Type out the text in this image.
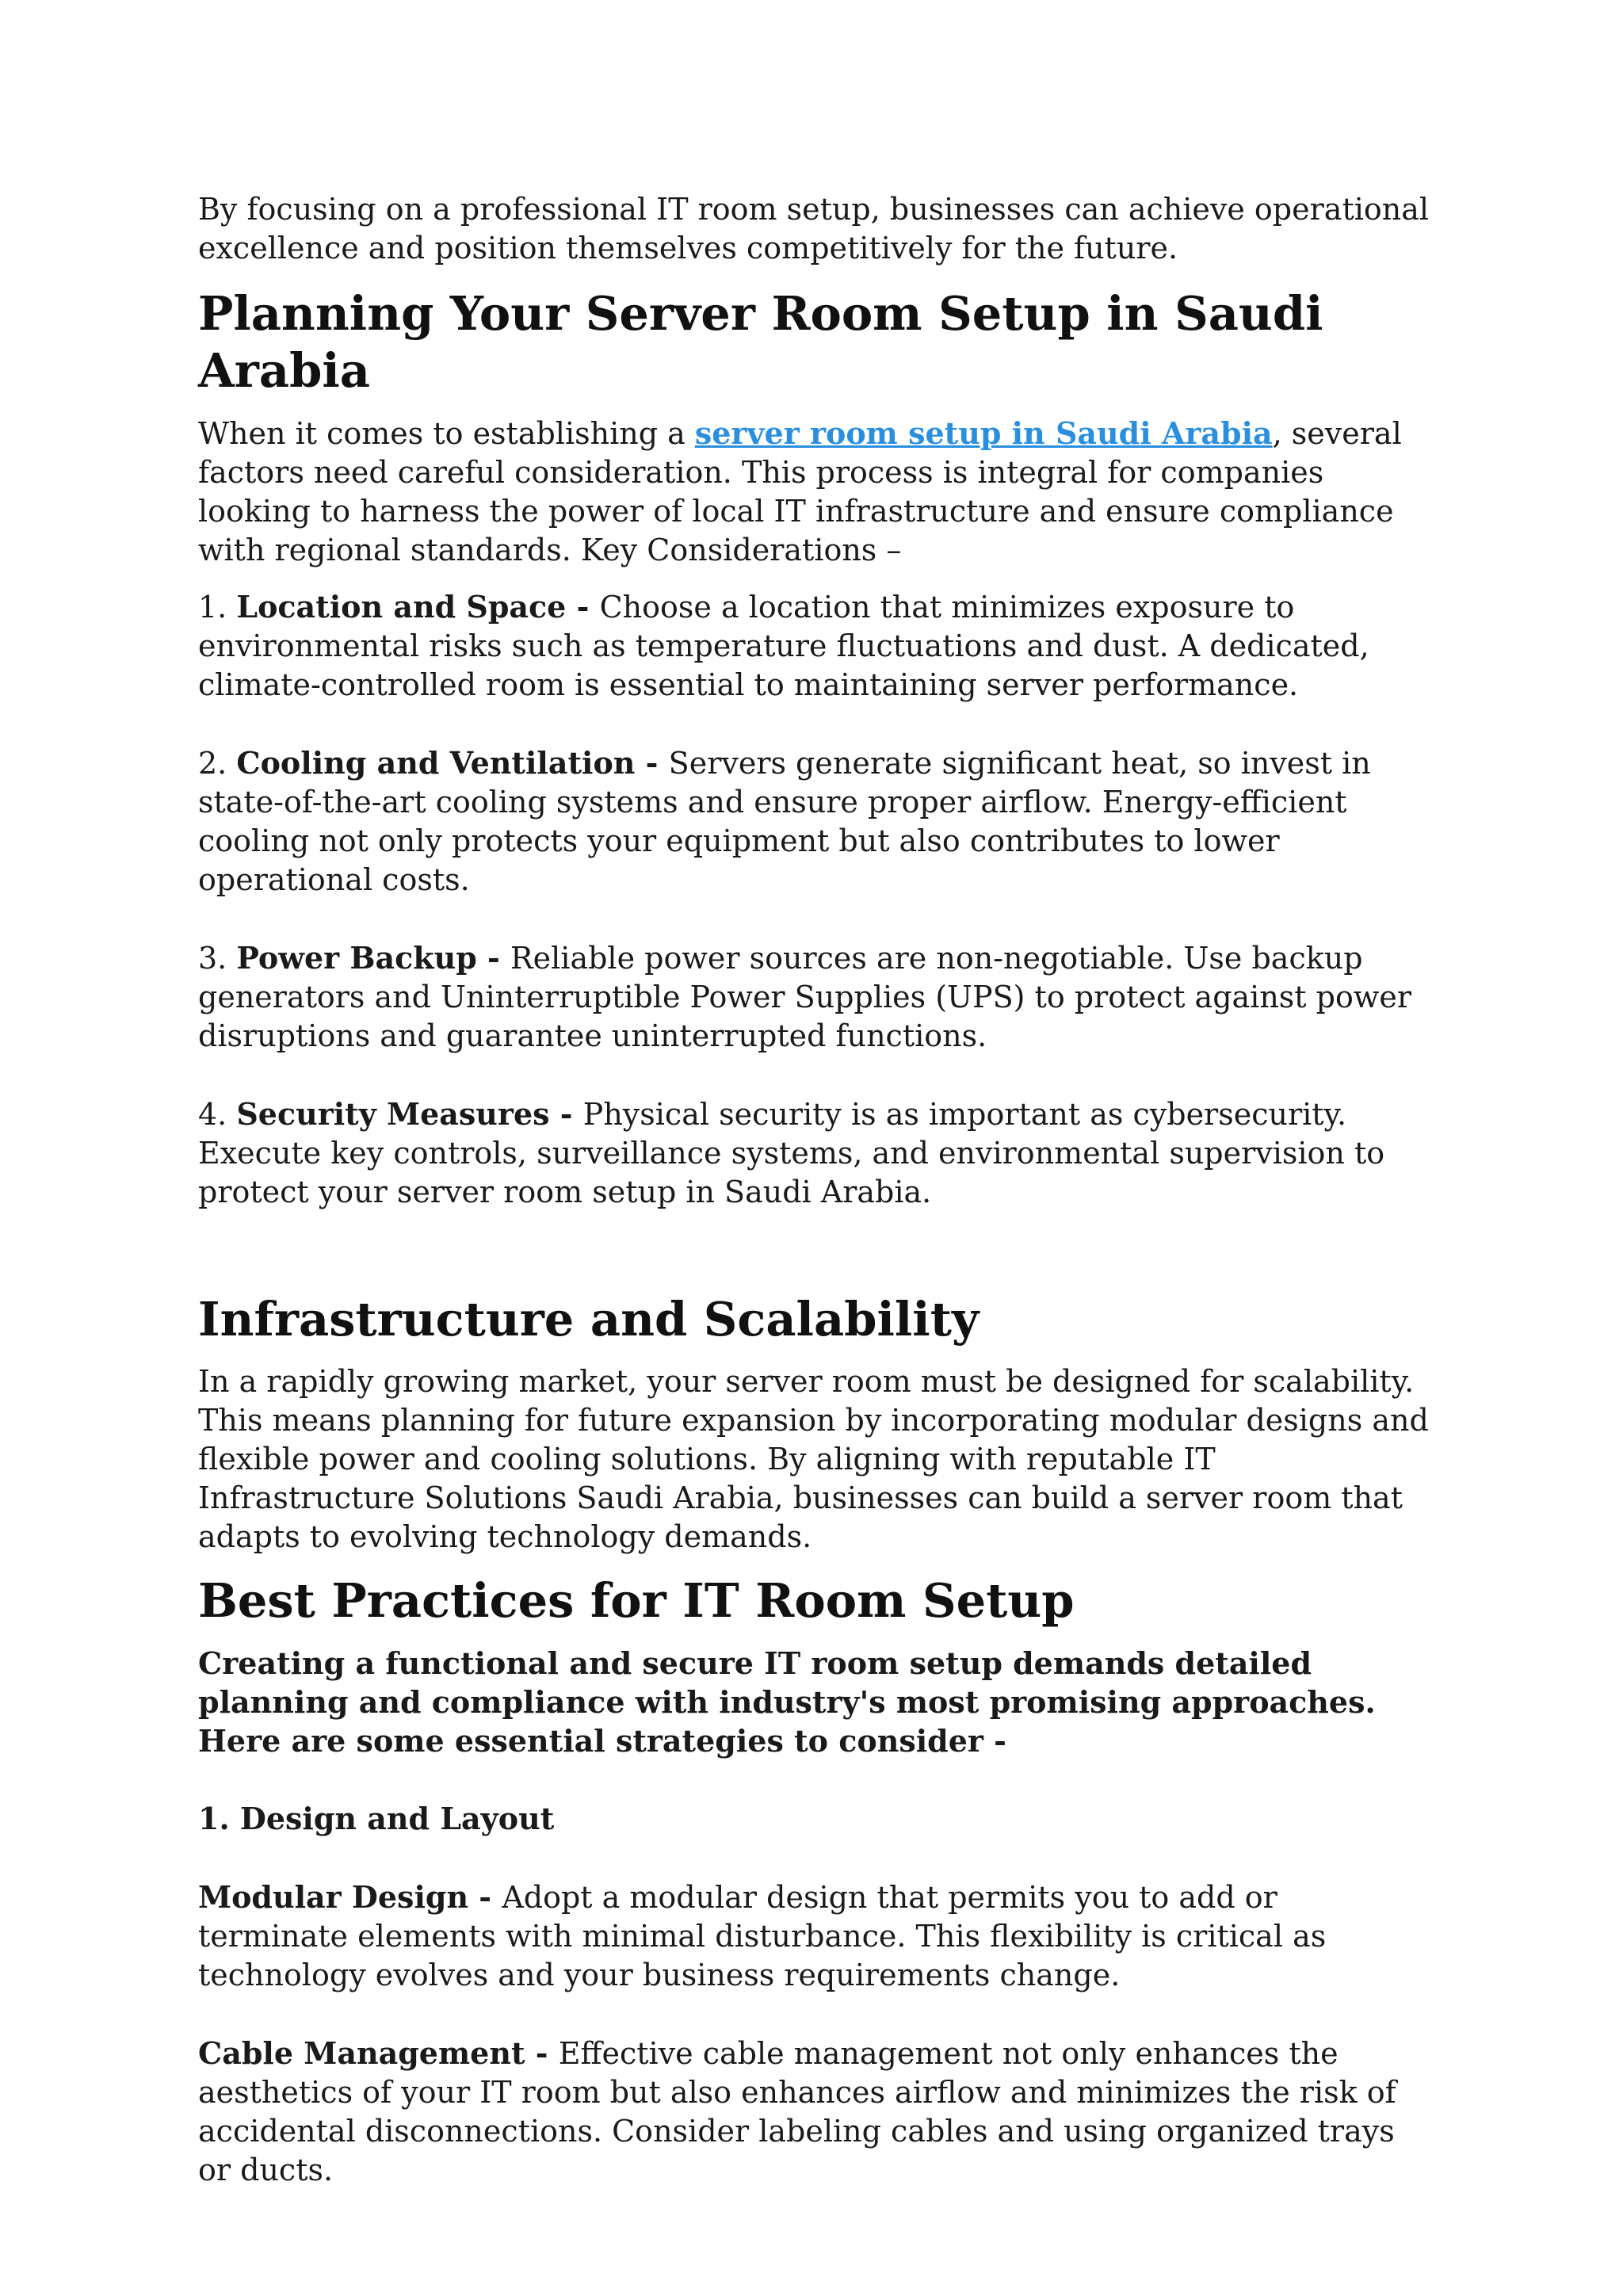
By focusing on a professional IT room setup, businesses can achieve operational excellence and position themselves competitively for the future.

Planning Your Server Room Setup in Saudi Arabia

When it comes to establishing a server room setup in Saudi Arabia, several factors need careful consideration. This process is integral for companies looking to harness the power of local IT infrastructure and ensure compliance with regional standards. Key Considerations –

1. Location and Space - Choose a location that minimizes exposure to environmental risks such as temperature fluctuations and dust. A dedicated, climate-controlled room is essential to maintaining server performance.

2. Cooling and Ventilation - Servers generate significant heat, so invest in state-of-the-art cooling systems and ensure proper airflow. Energy-efficient cooling not only protects your equipment but also contributes to lower operational costs.

3. Power Backup - Reliable power sources are non-negotiable. Use backup generators and Uninterruptible Power Supplies (UPS) to protect against power disruptions and guarantee uninterrupted functions.

4. Security Measures - Physical security is as important as cybersecurity. Execute key controls, surveillance systems, and environmental supervision to protect your server room setup in Saudi Arabia.

Infrastructure and Scalability

In a rapidly growing market, your server room must be designed for scalability. This means planning for future expansion by incorporating modular designs and flexible power and cooling solutions. By aligning with reputable IT Infrastructure Solutions Saudi Arabia, businesses can build a server room that adapts to evolving technology demands.

Best Practices for IT Room Setup

Creating a functional and secure IT room setup demands detailed planning and compliance with industry's most promising approaches. Here are some essential strategies to consider -

1. Design and Layout

Modular Design - Adopt a modular design that permits you to add or terminate elements with minimal disturbance. This flexibility is critical as technology evolves and your business requirements change.

Cable Management - Effective cable management not only enhances the aesthetics of your IT room but also enhances airflow and minimizes the risk of accidental disconnections. Consider labeling cables and using organized trays or ducts.
